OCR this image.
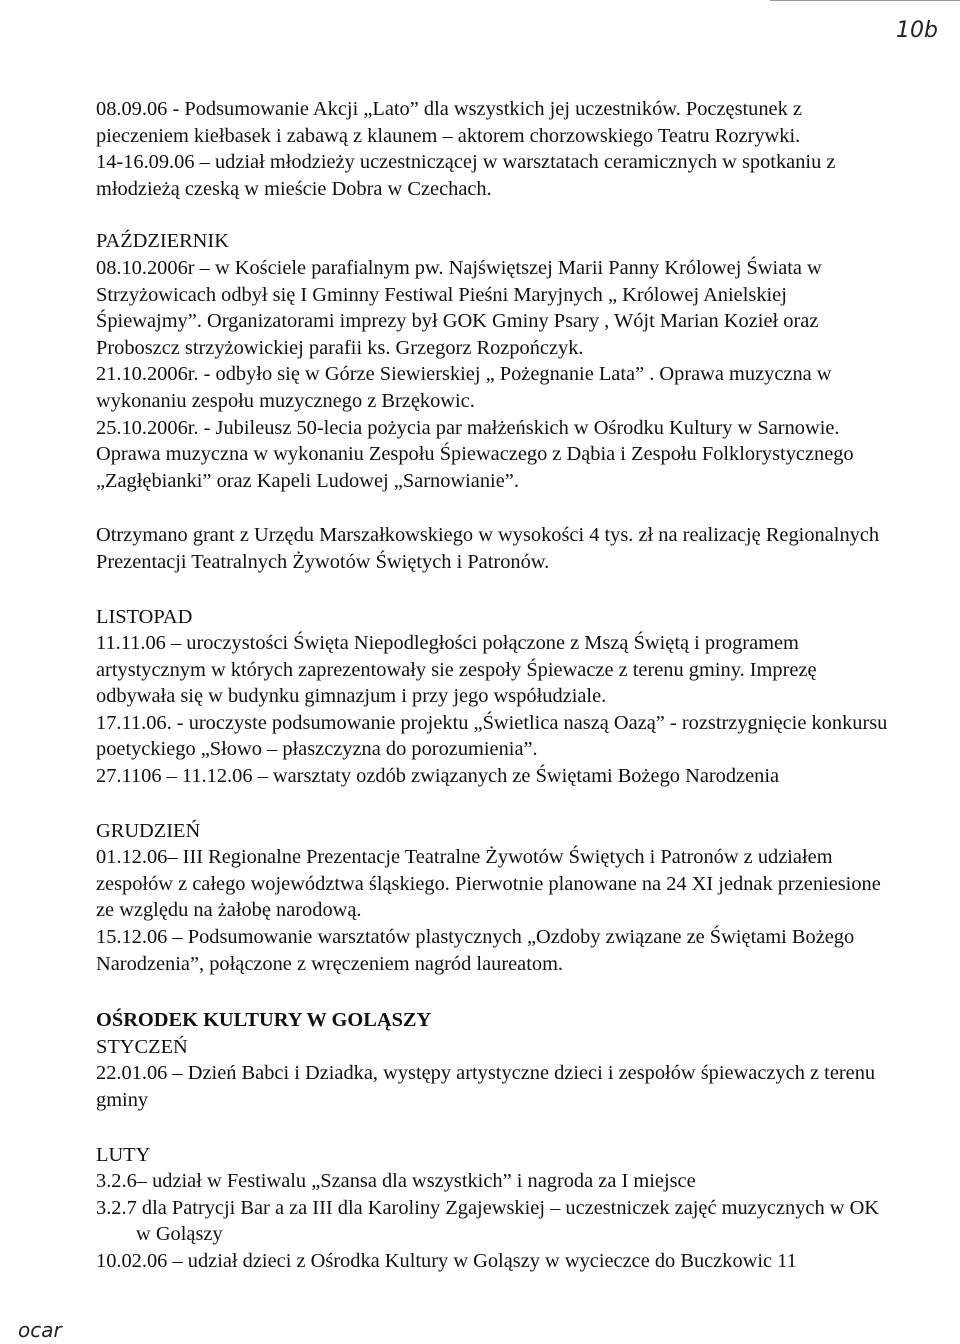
10b

08.09.06 - Podsumowanie Akcji „Lato” dla wszystkich jej uczestników. Poczęstunek z pieczeniem kiełbasek i zabawą z klaunem – aktorem chorzowskiego Teatru Rozrywki.

14-16.09.06 – udział młodzieży uczestniczącej w warsztatach ceramicznych w spotkaniu z młodzieżą czeską w mieście Dobra w Czechach.

PAŹDZIERNIK

08.10.2006r – w Kościele parafialnym pw. Najświętszej Marii Panny Królowej Świata w Strzyżowicach odbył się I Gminny Festiwal Pieśni Maryjnych „ Królowej Anielskiej Śpiewajmy”. Organizatorami imprezy był GOK Gminy Psary , Wójt Marian Kozieł oraz Proboszcz strzyżowickiej parafii ks. Grzegorz Rozpończyk.

21.10.2006r. - odbyło się w Górze Siewierskiej „ Pożegnanie Lata” . Oprawa muzyczna w wykonaniu zespołu muzycznego z Brzękowic.

25.10.2006r. - Jubileusz 50-lecia pożycia par małżeńskich w Ośrodku Kultury w Sarnowie. Oprawa muzyczna w wykonaniu Zespołu Śpiewaczego z Dąbia i Zespołu Folklorystycznego „Zagłębianki” oraz Kapeli Ludowej „Sarnowianie”.

Otrzymano grant z Urzędu Marszałkowskiego w wysokości 4 tys. zł na realizację Regionalnych Prezentacji Teatralnych Żywotów Świętych i Patronów.

LISTOPAD

11.11.06 – uroczystości Święta Niepodległości połączone z Mszą Świętą i programem artystycznym w których zaprezentowały sie zespoły Śpiewacze z terenu gminy. Imprezę odbywała się w budynku gimnazjum i przy jego współudziale.

17.11.06. - uroczyste podsumowanie projektu „Świetlica naszą Oazą” - rozstrzygnięcie konkursu poetyckiego „Słowo – płaszczyzna do porozumienia”.

27.1106 – 11.12.06 – warsztaty ozdób związanych ze Świętami Bożego Narodzenia

GRUDZIEŃ

01.12.06– III Regionalne Prezentacje Teatralne Żywotów Świętych i Patronów z udziałem zespołów z całego województwa śląskiego. Pierwotnie planowane na 24 XI jednak przeniesione ze względu na żałobę narodową.

15.12.06 – Podsumowanie warsztatów plastycznych „Ozdoby związane ze Świętami Bożego Narodzenia”, połączone z wręczeniem nagród laureatom.

OŚRODEK KULTURY W GOLĄSZY

STYCZEŃ

22.01.06 – Dzień Babci i Dziadka, występy artystyczne dzieci i zespołów śpiewaczych z terenu gminy

LUTY

3.2.6– udział w Festiwalu „Szansa dla wszystkich” i nagroda za I miejsce

3.2.7 dla Patrycji Bar a za III dla Karoliny Zgajewskiej – uczestniczek zajęć muzycznych w OK w Goląszy

10.02.06 – udział dzieci z Ośrodka Kultury w Goląszy w wycieczce do Buczkowic 11

ocar
